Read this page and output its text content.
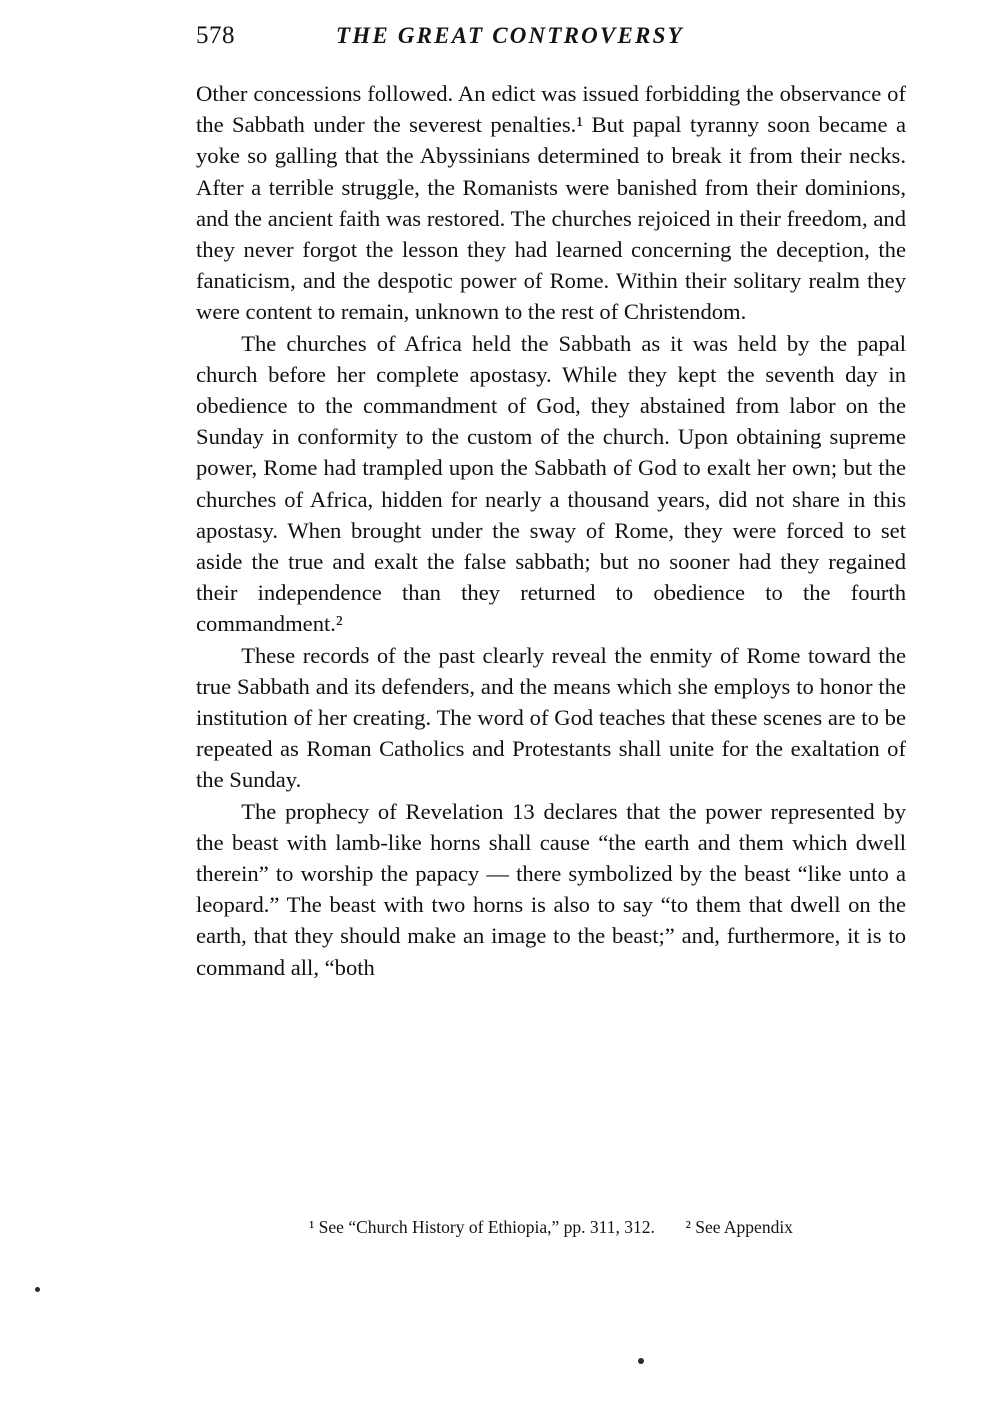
578	THE GREAT CONTROVERSY

Other concessions followed. An edict was issued forbidding the observance of the Sabbath under the severest penalties.¹ But papal tyranny soon became a yoke so galling that the Abyssinians determined to break it from their necks. After a terrible struggle, the Romanists were banished from their dominions, and the ancient faith was restored. The churches rejoiced in their freedom, and they never forgot the lesson they had learned concerning the deception, the fanaticism, and the despotic power of Rome. Within their solitary realm they were content to remain, unknown to the rest of Christendom.

The churches of Africa held the Sabbath as it was held by the papal church before her complete apostasy. While they kept the seventh day in obedience to the commandment of God, they abstained from labor on the Sunday in conformity to the custom of the church. Upon obtaining supreme power, Rome had trampled upon the Sabbath of God to exalt her own; but the churches of Africa, hidden for nearly a thousand years, did not share in this apostasy. When brought under the sway of Rome, they were forced to set aside the true and exalt the false sabbath; but no sooner had they regained their independence than they returned to obedience to the fourth commandment.²

These records of the past clearly reveal the enmity of Rome toward the true Sabbath and its defenders, and the means which she employs to honor the institution of her creating. The word of God teaches that these scenes are to be repeated as Roman Catholics and Protestants shall unite for the exaltation of the Sunday.

The prophecy of Revelation 13 declares that the power represented by the beast with lamb-like horns shall cause “the earth and them which dwell therein” to worship the papacy — there symbolized by the beast “like unto a leopard.” The beast with two horns is also to say “to them that dwell on the earth, that they should make an image to the beast;” and, furthermore, it is to command all, “both

¹ See “Church History of Ethiopia,” pp. 311, 312. ² See Appendix
